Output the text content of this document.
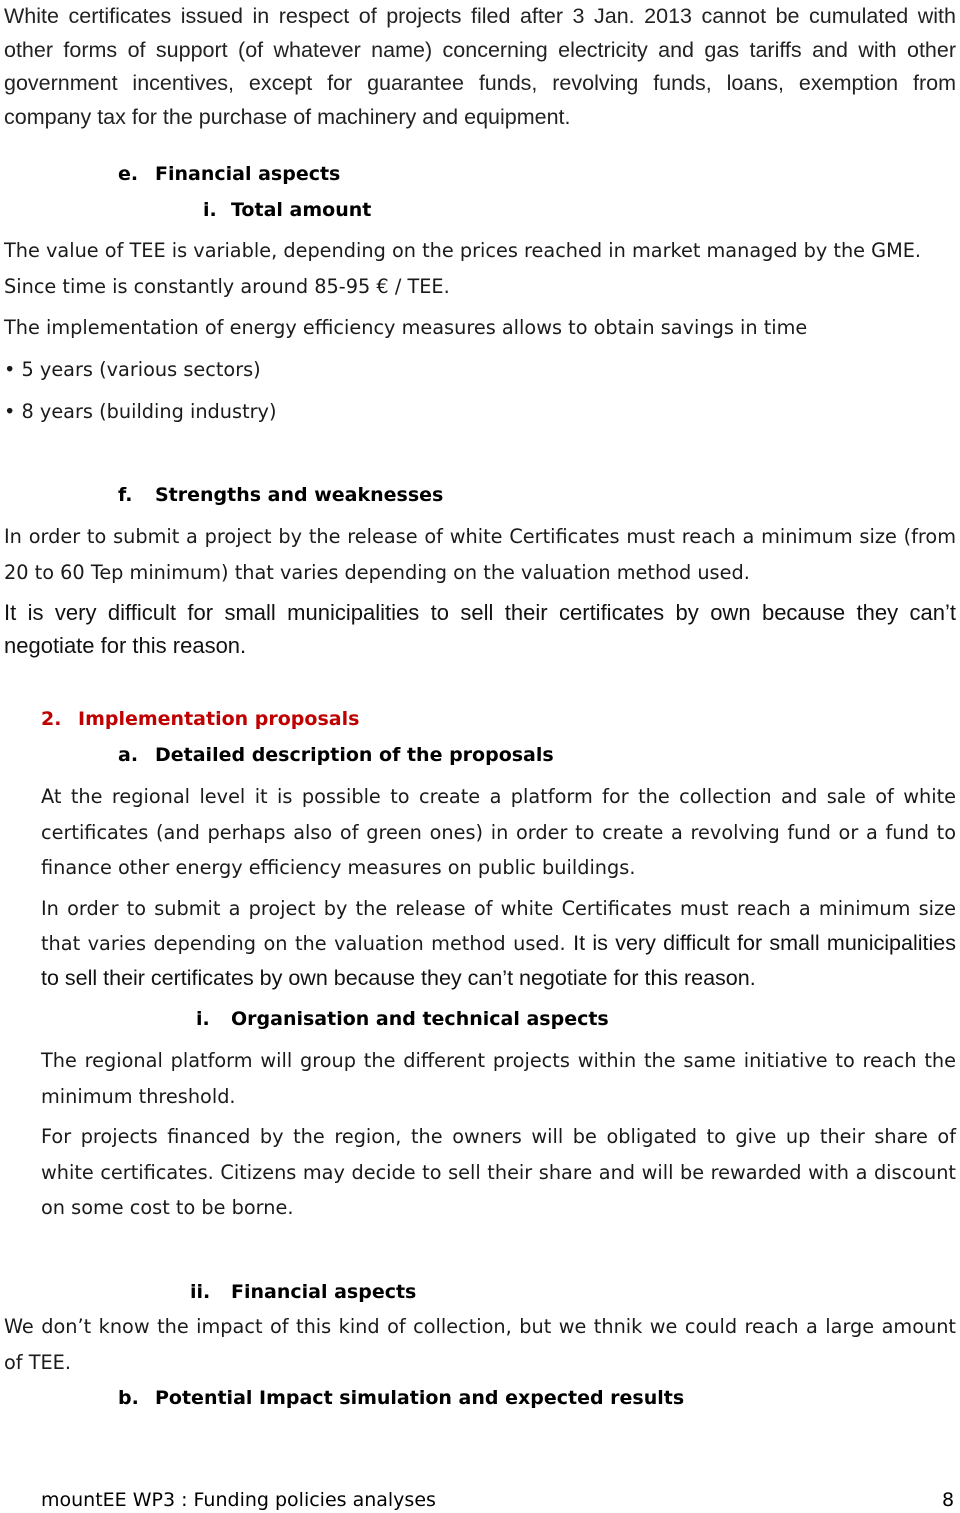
White certificates issued in respect of projects filed after 3 Jan. 2013 cannot be cumulated with other forms of support (of whatever name) concerning electricity and gas tariffs and with other government incentives, except for guarantee funds, revolving funds, loans, exemption from company tax for the purchase of machinery and equipment.

e. Financial aspects
i. Total amount

The value of TEE is variable, depending on the prices reached in market managed by the GME. Since time is constantly around 85-95 € / TEE.

The implementation of energy efficiency measures allows to obtain savings in time

• 5 years (various sectors)
• 8 years (building industry)
f. Strengths and weaknesses

In order to submit a project by the release of white Certificates must reach a minimum size (from 20 to 60 Tep minimum) that varies depending on the valuation method used.

It is very difficult for small municipalities to sell their certificates by own because they can’t negotiate for this reason.

2. Implementation proposals
a. Detailed description of the proposals

At the regional level it is possible to create a platform for the collection and sale of white certificates (and perhaps also of green ones) in order to create a revolving fund or a fund to finance other energy efficiency measures on public buildings.

In order to submit a project by the release of white Certificates must reach a minimum size that varies depending on the valuation method used. It is very difficult for small municipalities to sell their certificates by own because they can’t negotiate for this reason.

i. Organisation and technical aspects

The regional platform will group the different projects within the same initiative to reach the minimum threshold.

For projects financed by the region, the owners will be obligated to give up their share of white certificates. Citizens may decide to sell their share and will be rewarded with a discount on some cost to be borne.

ii. Financial aspects

We don’t know the impact of this kind of collection, but we thnik we could reach a large amount of TEE.

b. Potential Impact simulation and expected results
mountEE WP3 : Funding policies analyses	8
